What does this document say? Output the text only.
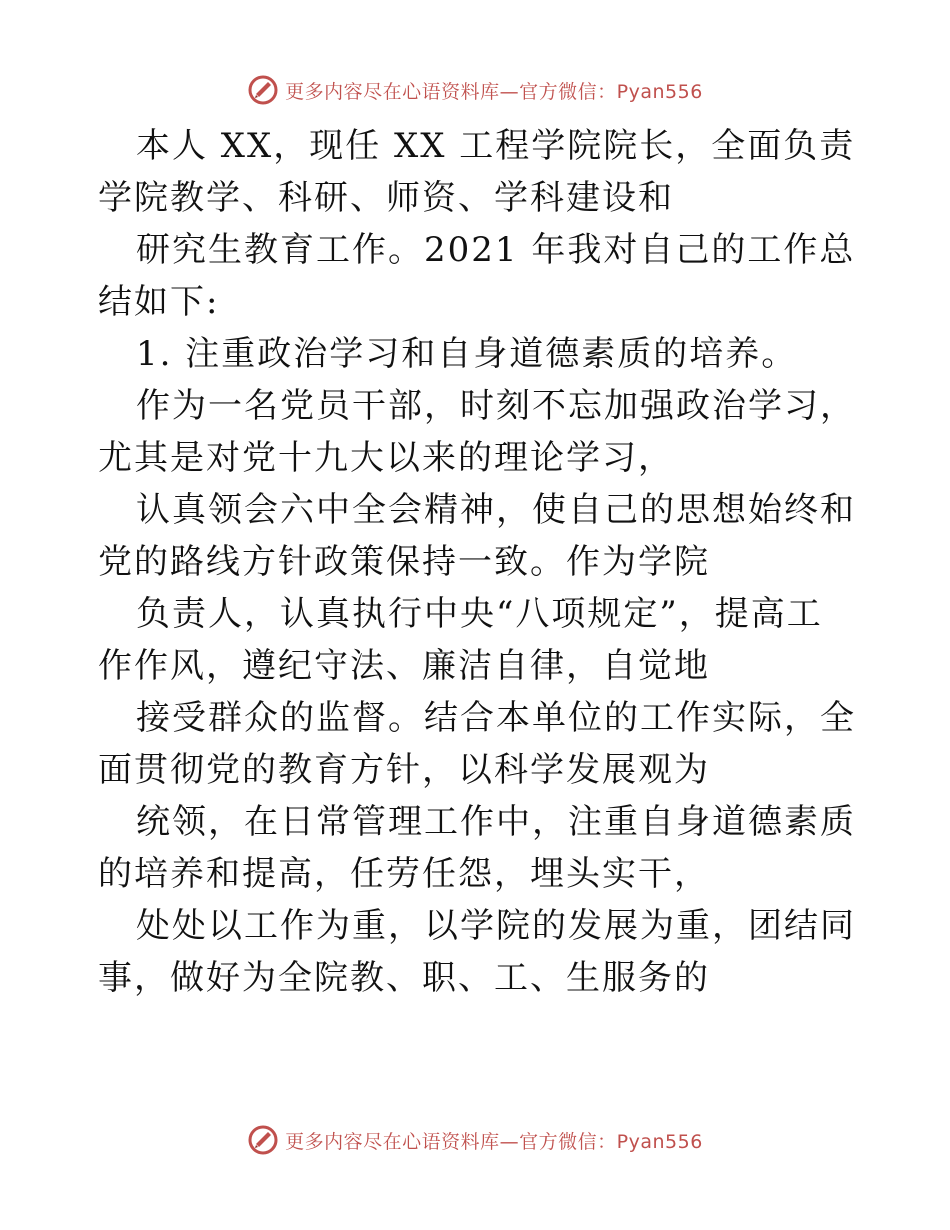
更多内容尽在心语资料库—官方微信：Pyan556

本人 XX，现任 XX 工程学院院长，全面负责学院教学、科研、师资、学科建设和

研究生教育工作。2021 年我对自己的工作总结如下:

1. 注重政治学习和自身道德素质的培养。

作为一名党员干部，时刻不忘加强政治学习，尤其是对党十九大以来的理论学习，

认真领会六中全会精神，使自己的思想始终和党的路线方针政策保持一致。作为学院

负责人，认真执行中央“八项规定”，提高工作作风，遵纪守法、廉洁自律，自觉地

接受群众的监督。结合本单位的工作实际，全面贯彻党的教育方针，以科学发展观为

统领，在日常管理工作中，注重自身道德素质的培养和提高，任劳任怨，埋头实干，

处处以工作为重，以学院的发展为重，团结同事，做好为全院教、职、工、生服务的

更多内容尽在心语资料库—官方微信：Pyan556
